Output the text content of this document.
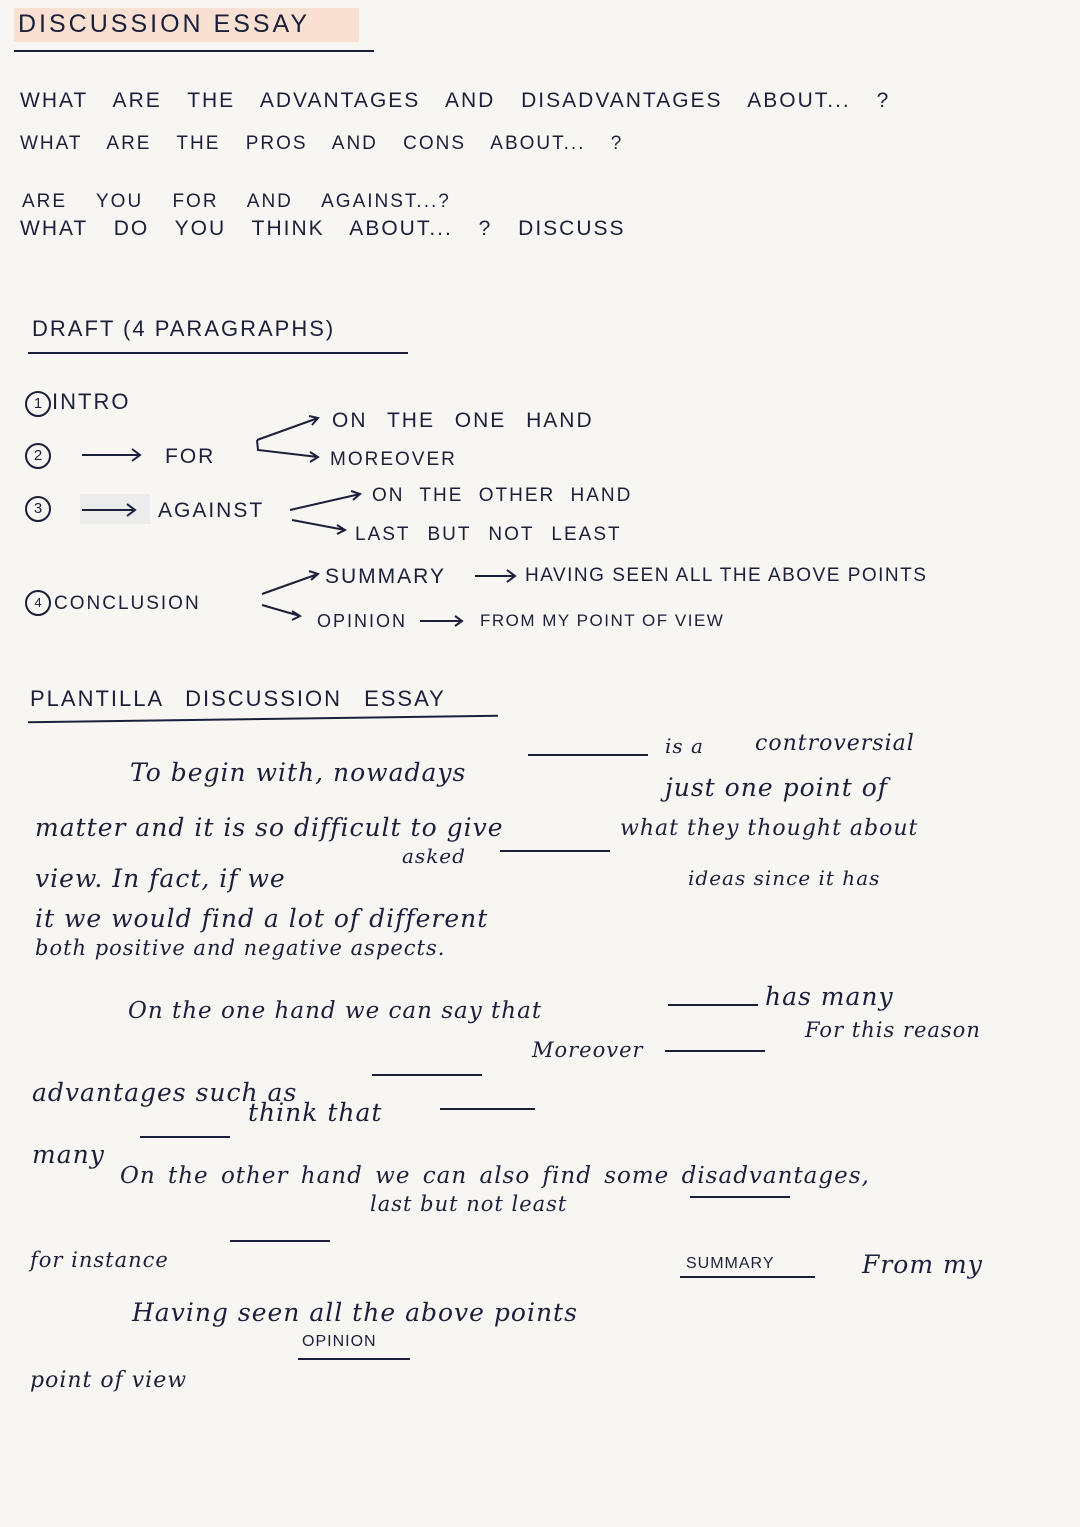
DISCUSSION ESSAY
WHAT ARE THE ADVANTAGES AND DISADVANTAGES ABOUT... ?
WHAT ARE THE PROS AND CONS ABOUT... ?
ARE YOU FOR AND AGAINST...?
WHAT DO YOU THINK ABOUT... ? DISCUSS
DRAFT (4 PARAGRAPHS)
1 INTRO
2	FOR
3	AGAINST
4 CONCLUSION
ON THE ONE HAND
MOREOVER
ON THE OTHER HAND
LAST BUT NOT LEAST
SUMMARY	HAVING SEEN ALL THE ABOVE POINTS
OPINION	FROM MY POINT OF VIEW
PLANTILLA DISCUSSION ESSAY
To begin with, nowadays
is a controversial
matter and it is so difficult to give
just one point of
view. In fact, if we
asked
what they thought about
it we would find a lot of different
ideas since it has
both positive and negative aspects.
On the one hand we can say that	has many
Moreover
For this reason
advantages such as
many
think that
On the other hand we can also find some disadvantages,
last but not least
for instance
Having seen all the above points
SUMMARY	From my
point of view
OPINION
